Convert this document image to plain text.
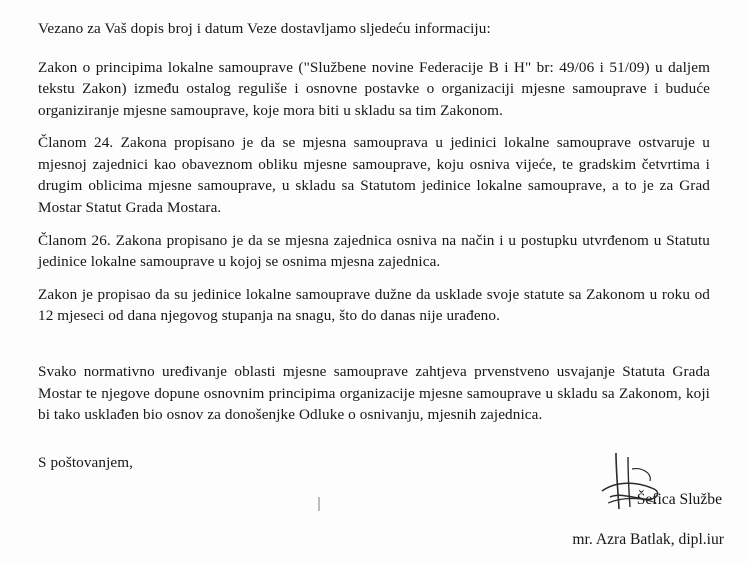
Vezano za Vaš dopis broj i datum Veze dostavljamo sljedeću informaciju:

Zakon o principima lokalne samouprave ("Službene novine Federacije B i H" br: 49/06 i 51/09) u daljem tekstu Zakon) između ostalog reguliše i osnovne postavke o organizaciji mjesne samouprave i buduće organiziranje mjesne samouprave, koje mora biti u skladu sa tim Zakonom.

Članom 24. Zakona propisano je da se mjesna samouprava u jedinici lokalne samouprave ostvaruje u mjesnoj zajednici kao obaveznom obliku mjesne samouprave, koju osniva vijeće, te gradskim četvrtima i drugim oblicima mjesne samouprave, u skladu sa Statutom jedinice lokalne samouprave, a to je za Grad Mostar Statut Grada Mostara.

Članom 26. Zakona propisano je da se mjesna zajednica osniva na način i u postupku utvrđenom u Statutu jedinice lokalne samouprave u kojoj se osnima mjesna zajednica.

Zakon je propisao da su jedinice lokalne samouprave dužne da usklade svoje statute sa Zakonom u roku od 12 mjeseci od dana njegovog stupanja na snagu, što do danas nije urađeno.

Svako normativno uređivanje oblasti mjesne samouprave zahtjeva prvenstveno usvajanje Statuta Grada Mostar te njegove dopune osnovnim principima organizacije mjesne samouprave u skladu sa Zakonom, koji bi tako usklađen bio osnov za donošenjke Odluke o osnivanju, mjesnih zajednica.

S poštovanjem,

Šefica Službe
mr. Azra Batlak, dipl.iur
